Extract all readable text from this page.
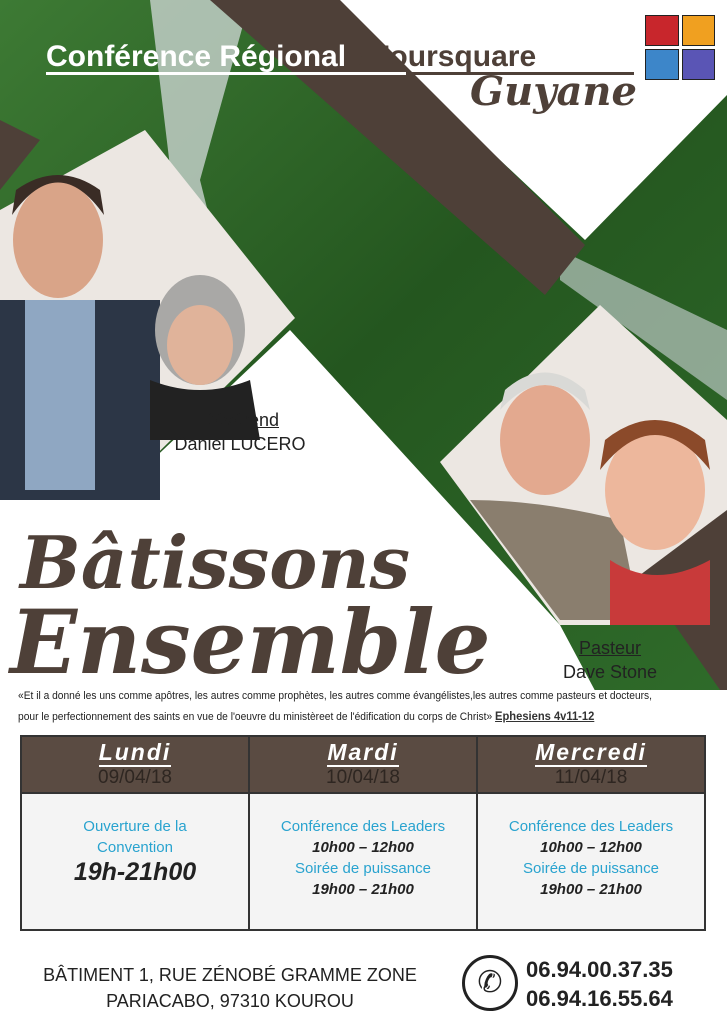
Conférence Régionale Foursquare
Guyane
Révérend
Daniel LUCERO
Pasteur
Dave Stone
Bâtissons
Ensemble
«Et il a donné les uns comme apôtres, les autres comme prophètes, les autres comme évangélistes,les autres comme pasteurs et docteurs, pour le perfectionnement des saints en vue de l'oeuvre du ministèreet de l'édification du corps de Christ» Ephesiens 4v11-12
Lundi
09/04/18
Ouverture de la
Convention
19h-21h00
Mardi
10/04/18
Conférence des Leaders
10h00 – 12h00
Soirée de puissance
19h00 – 21h00
Mercredi
11/04/18
Conférence des Leaders
10h00 – 12h00
Soirée de puissance
19h00 – 21h00
BÂTIMENT 1, RUE ZÉNOBÉ GRAMME ZONE
PARIACABO, 97310 KOUROU
✆	06.94.00.37.35
06.94.16.55.64
